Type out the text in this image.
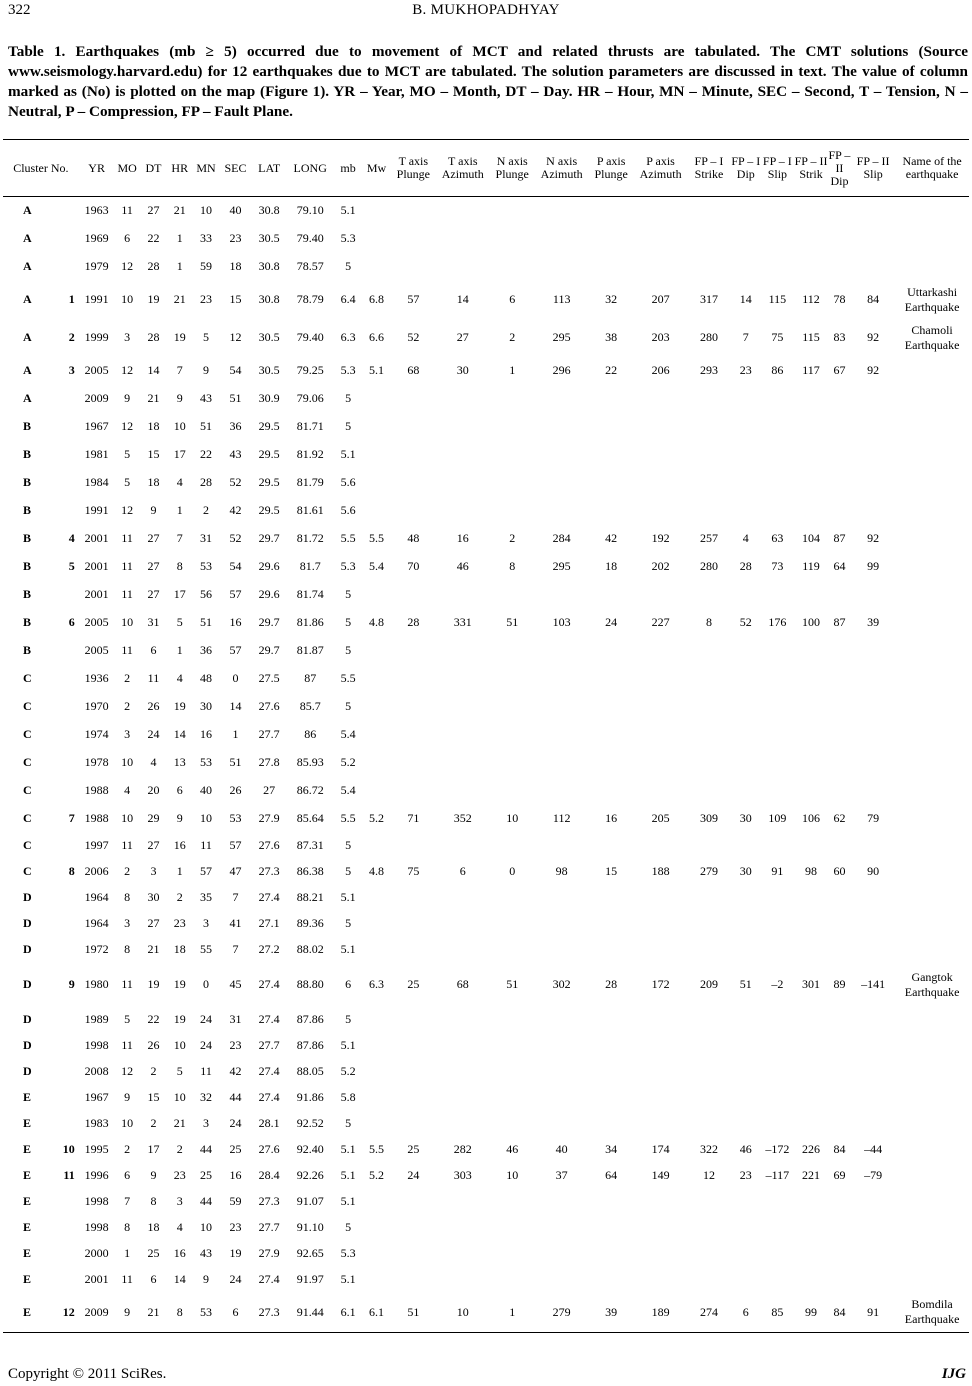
322	B. MUKHOPADHYAY
Table 1. Earthquakes (mb ≥ 5) occurred due to movement of MCT and related thrusts are tabulated. The CMT solutions (Source www.seismology.harvard.edu) for 12 earthquakes due to MCT are tabulated. The solution parameters are discussed in text. The value of column marked as (No) is plotted on the map (Figure 1). YR – Year, MO – Month, DT – Day. HR – Hour, MN – Minute, SEC – Second, T – Tension, N – Neutral, P – Compression, FP – Fault Plane.
Cluster No.		YR	MO	DT	HR	MN	SEC	LAT	LONG	mb	Mw	T axis Plunge	T axis Azimuth	N axis Plunge	N axis Azimuth	P axis Plunge	P axis Azimuth	FP – I Strike	FP – I Dip	FP – I Slip	FP – II Strik	FP – II Dip	FP – II Slip	Name of the earthquake
A		1963	11	27	21	10	40	30.8	79.10	5.1														
A		1969	6	22	1	33	23	30.5	79.40	5.3														
A		1979	12	28	1	59	18	30.8	78.57	5														
A	1	1991	10	19	21	23	15	30.8	78.79	6.4	6.8	57	14	6	113	32	207	317	14	115	112	78	84	Uttarkashi Earthquake
A	2	1999	3	28	19	5	12	30.5	79.40	6.3	6.6	52	27	2	295	38	203	280	7	75	115	83	92	Chamoli Earthquake
A	3	2005	12	14	7	9	54	30.5	79.25	5.3	5.1	68	30	1	296	22	206	293	23	86	117	67	92	
A		2009	9	21	9	43	51	30.9	79.06	5														
B		1967	12	18	10	51	36	29.5	81.71	5														
B		1981	5	15	17	22	43	29.5	81.92	5.1														
B		1984	5	18	4	28	52	29.5	81.79	5.6														
B		1991	12	9	1	2	42	29.5	81.61	5.6														
B	4	2001	11	27	7	31	52	29.7	81.72	5.5	5.5	48	16	2	284	42	192	257	4	63	104	87	92	
B	5	2001	11	27	8	53	54	29.6	81.7	5.3	5.4	70	46	8	295	18	202	280	28	73	119	64	99	
B		2001	11	27	17	56	57	29.6	81.74	5														
B	6	2005	10	31	5	51	16	29.7	81.86	5	4.8	28	331	51	103	24	227	8	52	176	100	87	39	
B		2005	11	6	1	36	57	29.7	81.87	5														
C		1936	2	11	4	48	0	27.5	87	5.5														
C		1970	2	26	19	30	14	27.6	85.7	5														
C		1974	3	24	14	16	1	27.7	86	5.4														
C		1978	10	4	13	53	51	27.8	85.93	5.2														
C		1988	4	20	6	40	26	27	86.72	5.4														
C	7	1988	10	29	9	10	53	27.9	85.64	5.5	5.2	71	352	10	112	16	205	309	30	109	106	62	79	
C		1997	11	27	16	11	57	27.6	87.31	5														
C	8	2006	2	3	1	57	47	27.3	86.38	5	4.8	75	6	0	98	15	188	279	30	91	98	60	90	
D		1964	8	30	2	35	7	27.4	88.21	5.1														
D		1964	3	27	23	3	41	27.1	89.36	5														
D		1972	8	21	18	55	7	27.2	88.02	5.1														
D	9	1980	11	19	19	0	45	27.4	88.80	6	6.3	25	68	51	302	28	172	209	51	–2	301	89	–141	Gangtok Earthquake
D		1989	5	22	19	24	31	27.4	87.86	5														
D		1998	11	26	10	24	23	27.7	87.86	5.1														
D		2008	12	2	5	11	42	27.4	88.05	5.2														
E		1967	9	15	10	32	44	27.4	91.86	5.8														
E		1983	10	2	21	3	24	28.1	92.52	5														
E	10	1995	2	17	2	44	25	27.6	92.40	5.1	5.5	25	282	46	40	34	174	322	46	–172	226	84	–44	
E	11	1996	6	9	23	25	16	28.4	92.26	5.1	5.2	24	303	10	37	64	149	12	23	–117	221	69	–79	
E		1998	7	8	3	44	59	27.3	91.07	5.1														
E		1998	8	18	4	10	23	27.7	91.10	5														
E		2000	1	25	16	43	19	27.9	92.65	5.3														
E		2001	11	6	14	9	24	27.4	91.97	5.1														
E	12	2009	9	21	8	53	6	27.3	91.44	6.1	6.1	51	10	1	279	39	189	274	6	85	99	84	91	Bomdila Earthquake
Copyright © 2011 SciRes.	IJG
